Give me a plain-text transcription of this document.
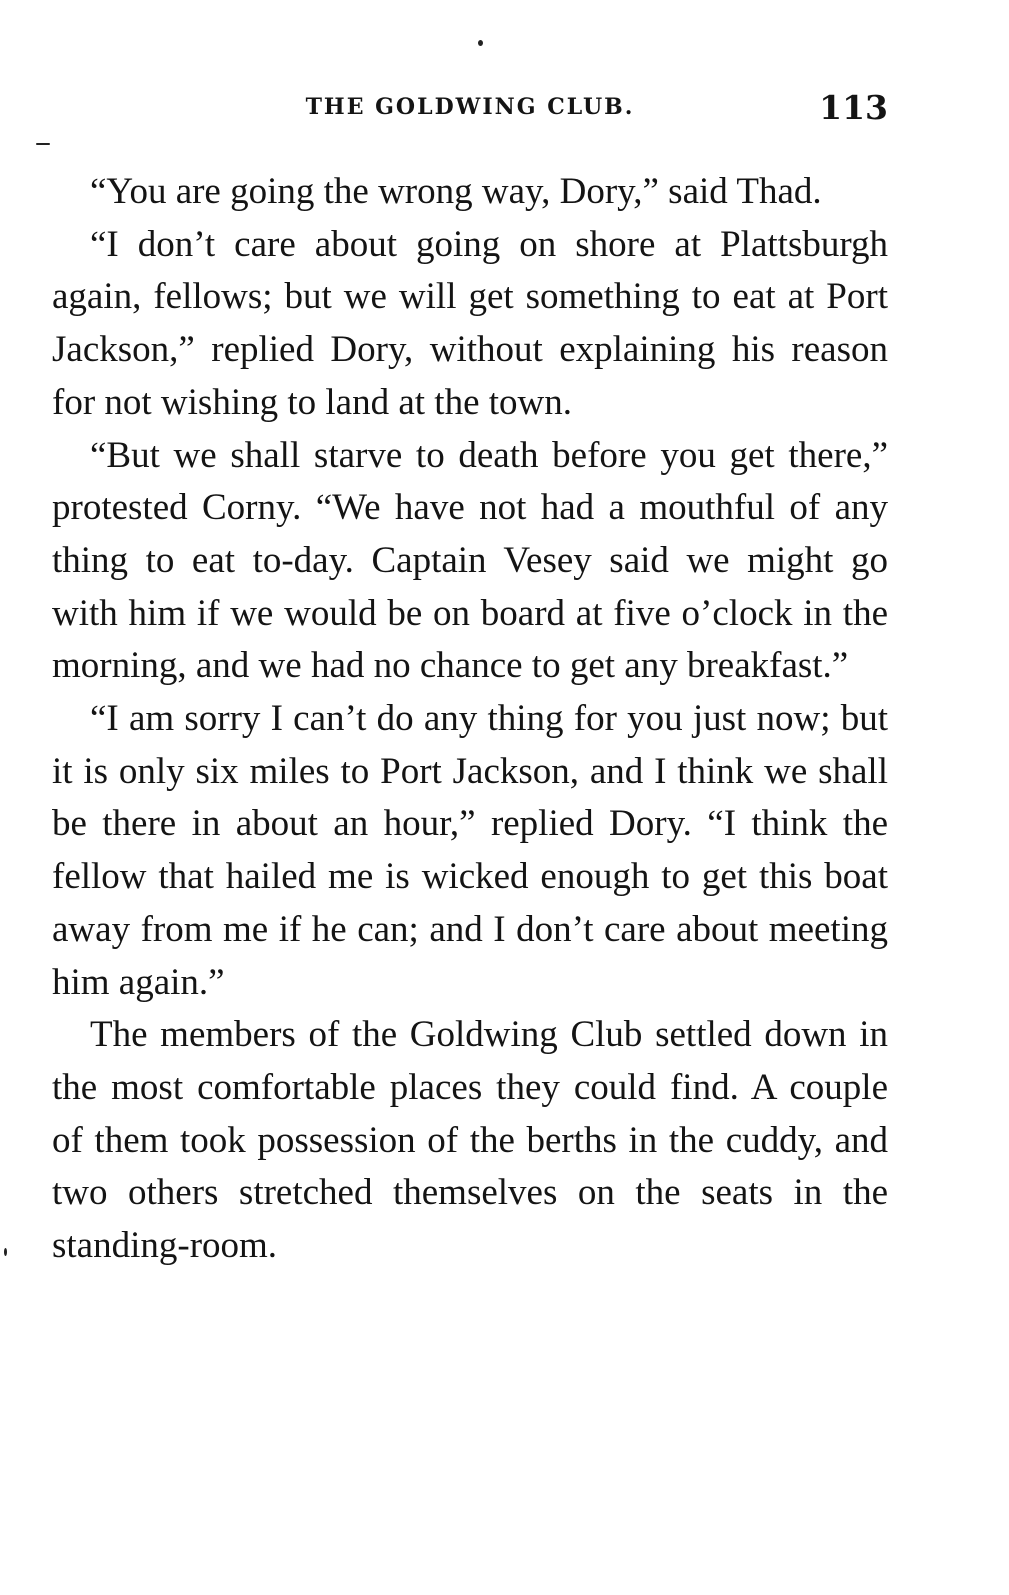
THE GOLDWING CLUB.	113

“You are going the wrong way, Dory,” said Thad.

“I don’t care about going on shore at Plattsburgh again, fellows; but we will get something to eat at Port Jackson,” replied Dory, without explaining his reason for not wishing to land at the town.

“But we shall starve to death before you get there,” protested Corny. “We have not had a mouthful of any thing to eat to-day. Captain Vesey said we might go with him if we would be on board at five o’clock in the morning, and we had no chance to get any breakfast.”

“I am sorry I can’t do any thing for you just now; but it is only six miles to Port Jackson, and I think we shall be there in about an hour,” replied Dory. “I think the fellow that hailed me is wicked enough to get this boat away from me if he can; and I don’t care about meeting him again.”

The members of the Goldwing Club settled down in the most comfortable places they could find. A couple of them took possession of the berths in the cuddy, and two others stretched themselves on the seats in the standing-room.
